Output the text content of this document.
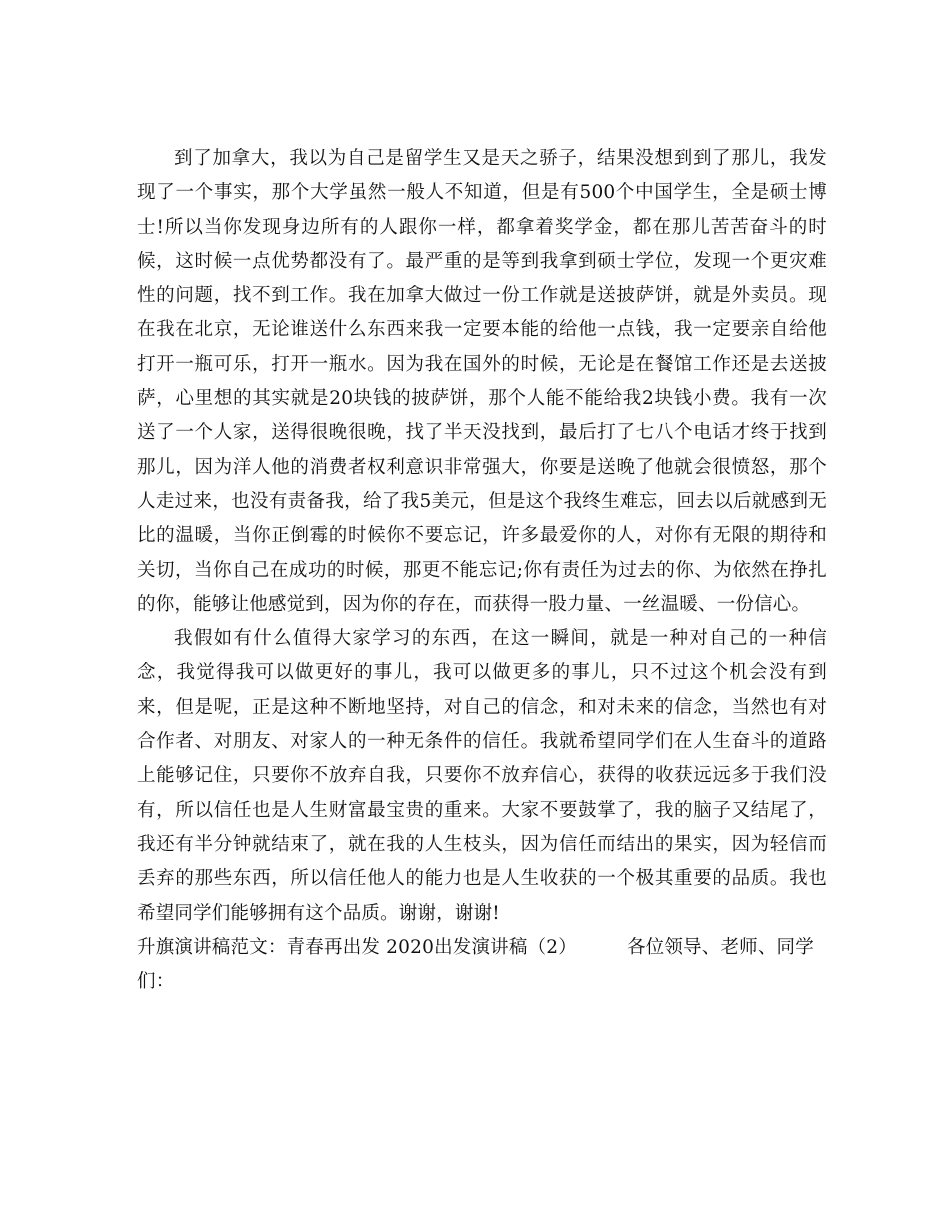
到了加拿大，我以为自己是留学生又是天之骄子，结果没想到到了那儿，我发现了一个事实，那个大学虽然一般人不知道，但是有500个中国学生，全是硕士博士!所以当你发现身边所有的人跟你一样，都拿着奖学金，都在那儿苦苦奋斗的时候，这时候一点优势都没有了。最严重的是等到我拿到硕士学位，发现一个更灾难性的问题，找不到工作。我在加拿大做过一份工作就是送披萨饼，就是外卖员。现在我在北京，无论谁送什么东西来我一定要本能的给他一点钱，我一定要亲自给他打开一瓶可乐，打开一瓶水。因为我在国外的时候，无论是在餐馆工作还是去送披萨，心里想的其实就是20块钱的披萨饼，那个人能不能给我2块钱小费。我有一次送了一个人家，送得很晚很晚，找了半天没找到，最后打了七八个电话才终于找到那儿，因为洋人他的消费者权利意识非常强大，你要是送晚了他就会很愤怒，那个人走过来，也没有责备我，给了我5美元，但是这个我终生难忘，回去以后就感到无比的温暖，当你正倒霉的时候你不要忘记，许多最爱你的人，对你有无限的期待和关切，当你自己在成功的时候，那更不能忘记;你有责任为过去的你、为依然在挣扎的你，能够让他感觉到，因为你的存在，而获得一股力量、一丝温暖、一份信心。

我假如有什么值得大家学习的东西，在这一瞬间，就是一种对自己的一种信念，我觉得我可以做更好的事儿，我可以做更多的事儿，只不过这个机会没有到来，但是呢，正是这种不断地坚持，对自己的信念，和对未来的信念，当然也有对合作者、对朋友、对家人的一种无条件的信任。我就希望同学们在人生奋斗的道路上能够记住，只要你不放弃自我，只要你不放弃信心，获得的收获远远多于我们没有，所以信任也是人生财富最宝贵的重来。大家不要鼓掌了，我的脑子又结尾了，我还有半分钟就结束了，就在我的人生枝头，因为信任而结出的果实，因为轻信而丢弃的那些东西，所以信任他人的能力也是人生收获的一个极其重要的品质。我也希望同学们能够拥有这个品质。谢谢，谢谢!

升旗演讲稿范文：青春再出发 2020出发演讲稿（2）	各位领导、老师、同学

们：
